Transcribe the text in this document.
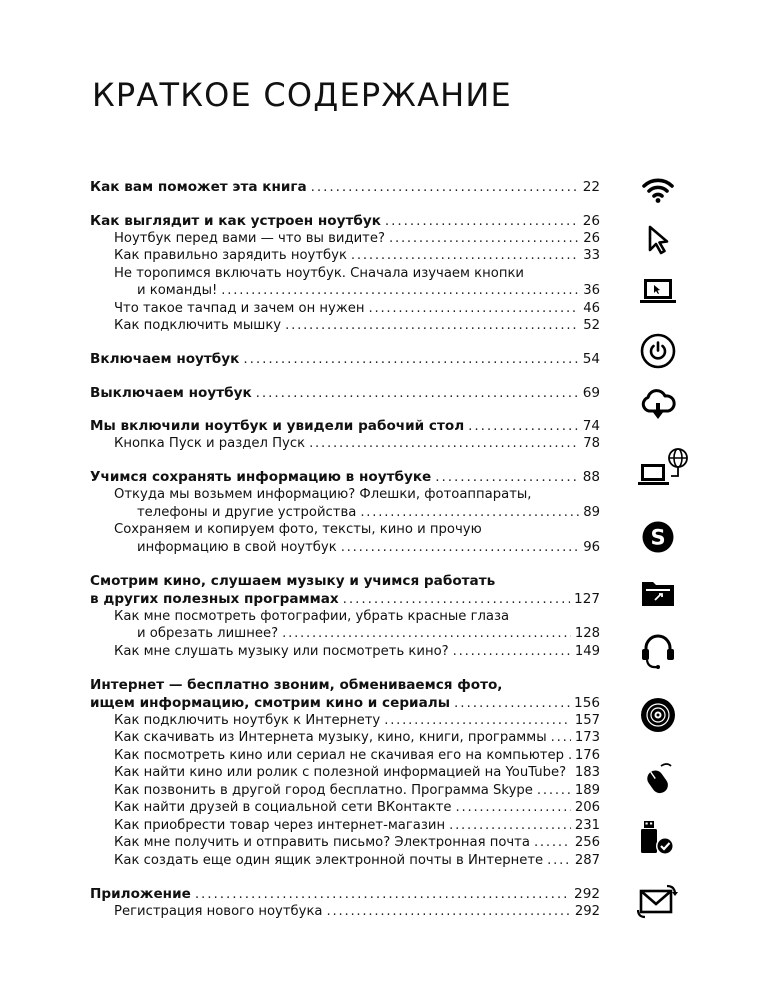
КРАТКОЕ СОДЕРЖАНИЕ
Как вам поможет эта книга . . .	22
Как выглядит и как устроен ноутбук . . .	26
Ноутбук перед вами — что вы видите? . . .	26
Как правильно зарядить ноутбук . . .	33
Не торопимся включать ноутбук. Сначала изучаем кнопки
и команды! . . .	36
Что такое тачпад и зачем он нужен . . .	46
Как подключить мышку . . .	52
Включаем ноутбук . . .	54
Выключаем ноутбук . . .	69
Мы включили ноутбук и увидели рабочий стол . . .	74
Кнопка Пуск и раздел Пуск . . .	78
Учимся сохранять информацию в ноутбуке . . .	88
Откуда мы возьмем информацию? Флешки, фотоаппараты,
телефоны и другие устройства . . .	89
Сохраняем и копируем фото, тексты, кино и прочую
информацию в свой ноутбук . . .	96
Смотрим кино, слушаем музыку и учимся работать
в других полезных программах . . .	127
Как мне посмотреть фотографии, убрать красные глаза
и обрезать лишнее? . . .	128
Как мне слушать музыку или посмотреть кино? . . .	149
Интернет — бесплатно звоним, обмениваемся фото,
ищем информацию, смотрим кино и сериалы . . .	156
Как подключить ноутбук к Интернету . . .	157
Как скачивать из Интернета музыку, кино, книги, программы . . . 173
Как посмотреть кино или сериал не скачивая его на компьютер . . . 176
Как найти кино или ролик с полезной информацией на YouTube? . . . 183
Как позвонить в другой город бесплатно. Программа Skype . . .	189
Как найти друзей в социальной сети ВКонтакте . . .	206
Как приобрести товар через интернет-магазин . . .	231
Как мне получить и отправить письмо? Электронная почта . . .	256
Как создать еще один ящик электронной почты в Интернете . . . 287
Приложение . . .	292
Регистрация нового ноутбука . . .	292
S
